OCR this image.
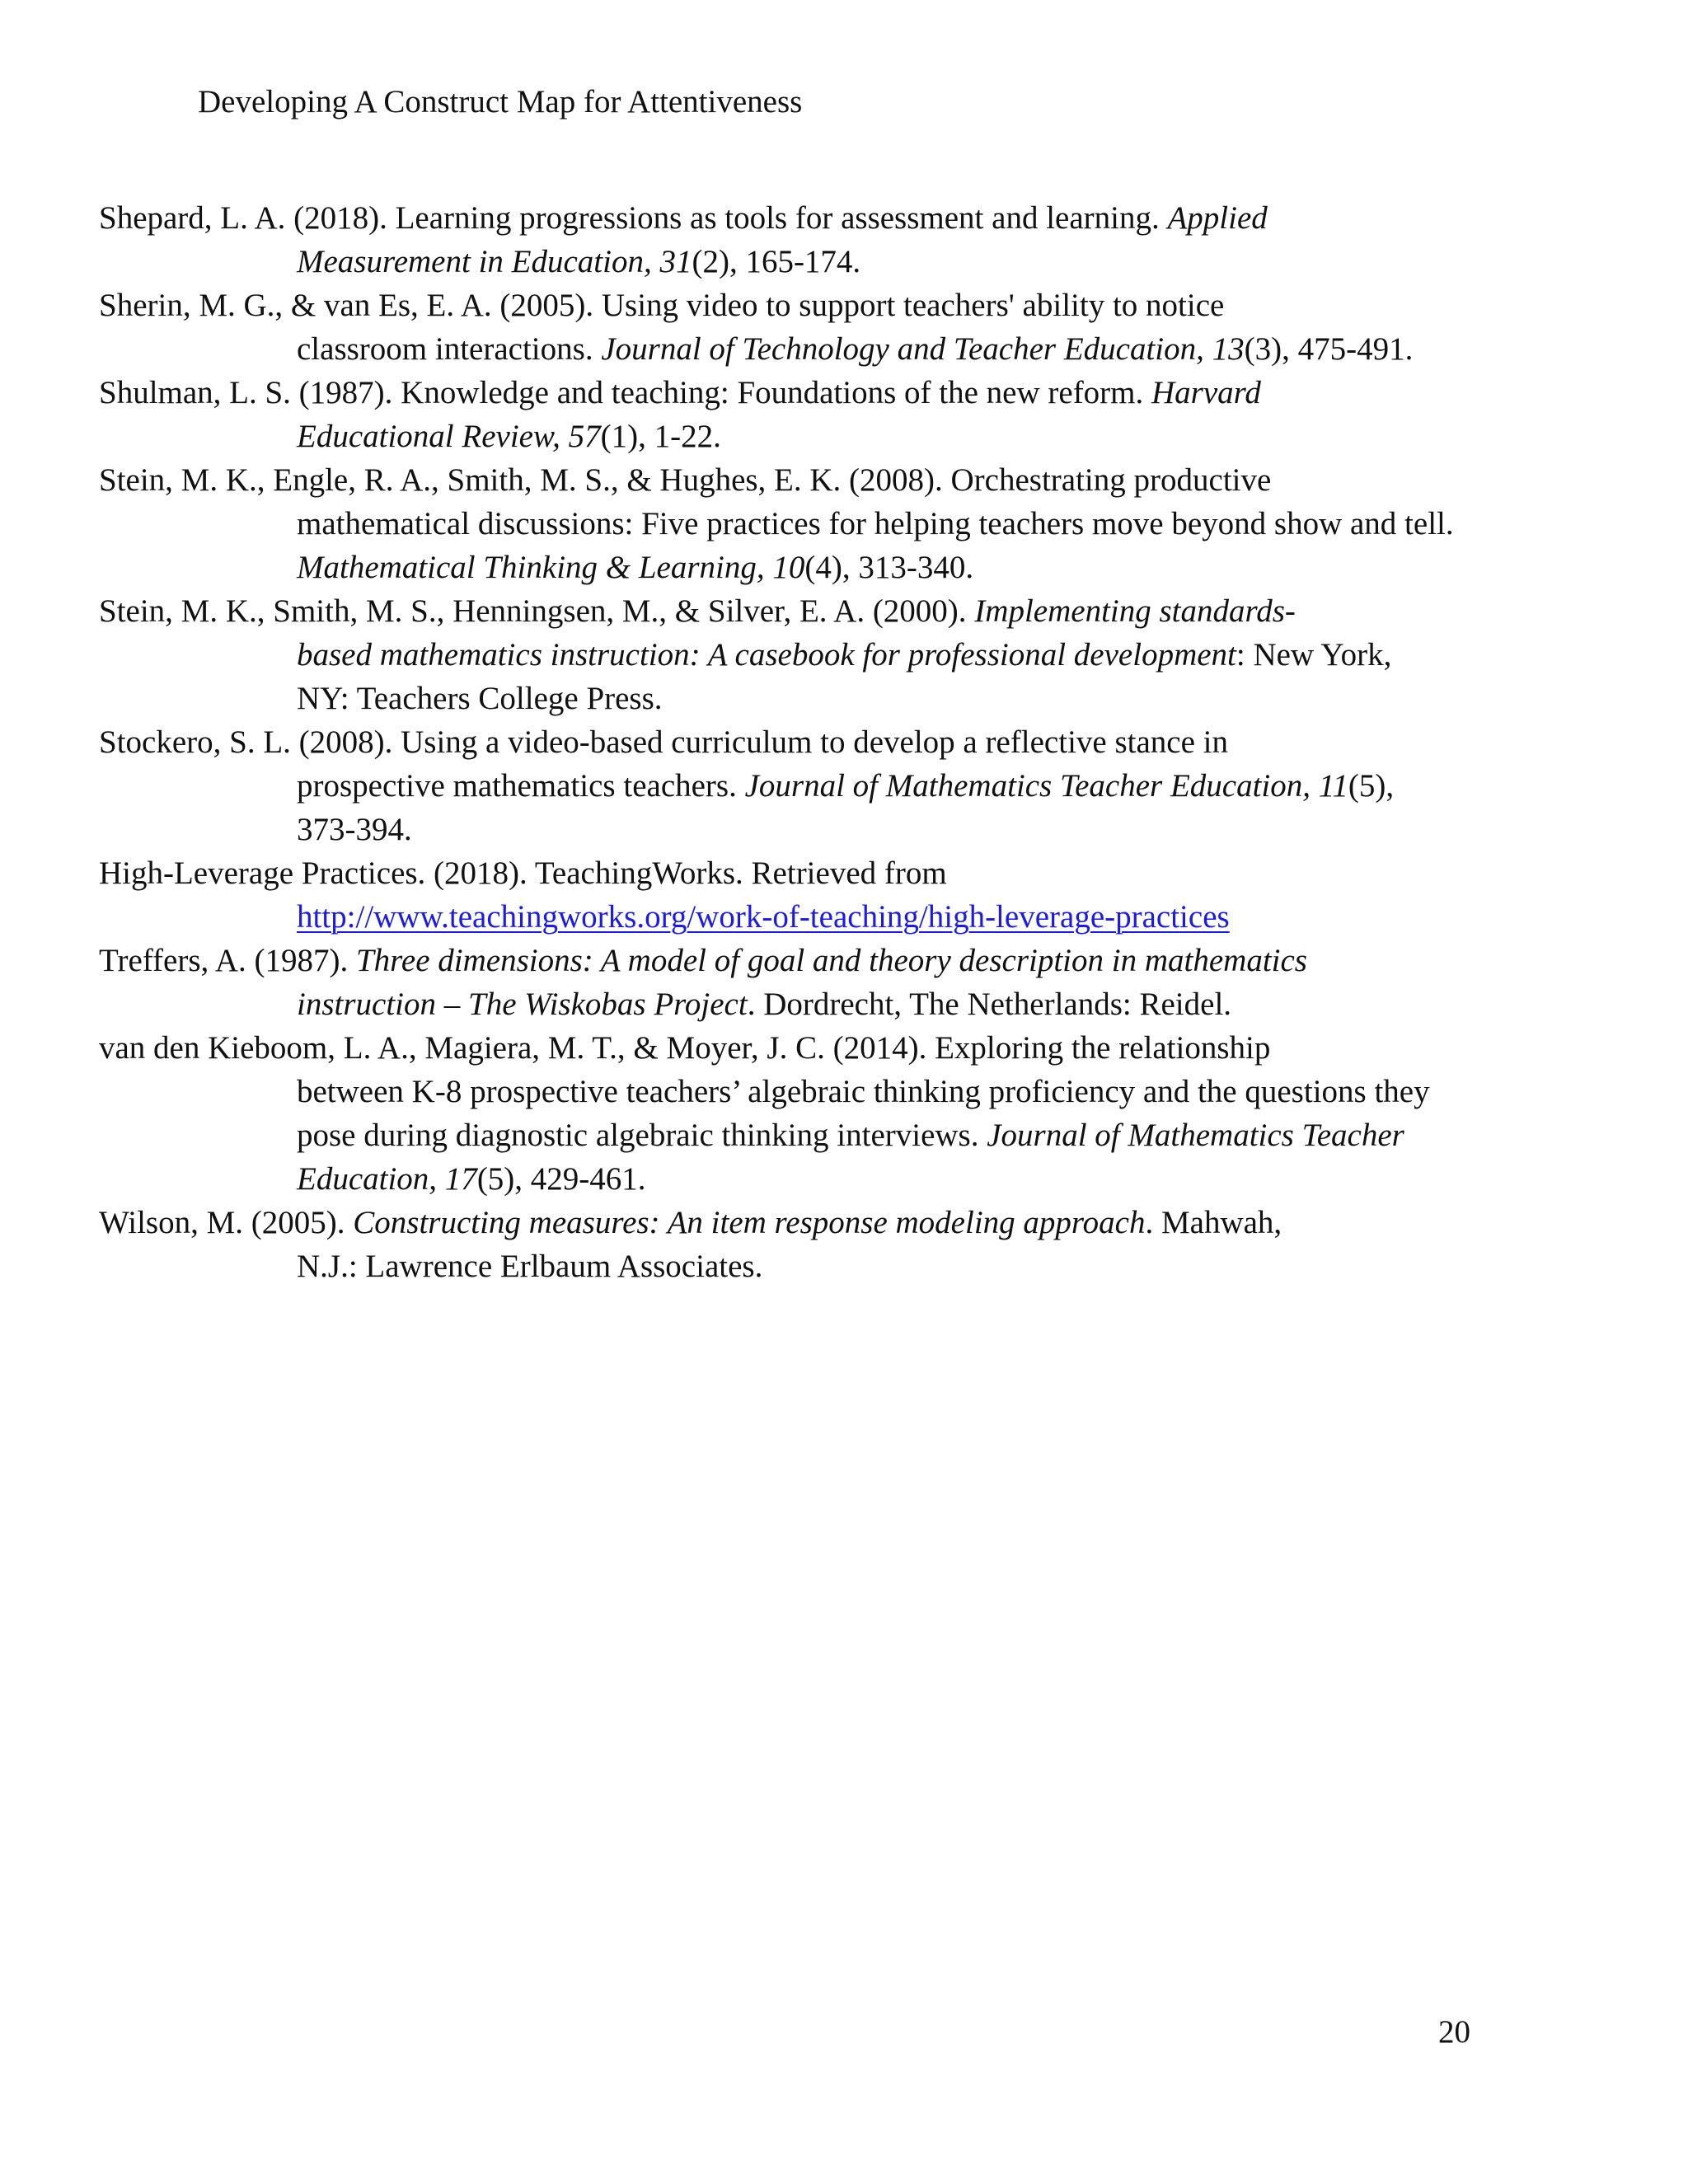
Developing A Construct Map for Attentiveness
Shepard, L. A. (2018). Learning progressions as tools for assessment and learning. Applied
Measurement in Education, 31(2), 165-174.
Sherin, M. G., & van Es, E. A. (2005). Using video to support teachers' ability to notice
classroom interactions. Journal of Technology and Teacher Education, 13(3), 475-491.
Shulman, L. S. (1987). Knowledge and teaching: Foundations of the new reform. Harvard
Educational Review, 57(1), 1-22.
Stein, M. K., Engle, R. A., Smith, M. S., & Hughes, E. K. (2008). Orchestrating productive
mathematical discussions: Five practices for helping teachers move beyond show and tell.
Mathematical Thinking & Learning, 10(4), 313-340.
Stein, M. K., Smith, M. S., Henningsen, M., & Silver, E. A. (2000). Implementing standards-
based mathematics instruction: A casebook for professional development: New York,
NY: Teachers College Press.
Stockero, S. L. (2008). Using a video-based curriculum to develop a reflective stance in
prospective mathematics teachers. Journal of Mathematics Teacher Education, 11(5),
373-394.
High-Leverage Practices. (2018). TeachingWorks. Retrieved from
http://www.teachingworks.org/work-of-teaching/high-leverage-practices
Treffers, A. (1987). Three dimensions: A model of goal and theory description in mathematics
instruction – The Wiskobas Project. Dordrecht, The Netherlands: Reidel.
van den Kieboom, L. A., Magiera, M. T., & Moyer, J. C. (2014). Exploring the relationship
between K-8 prospective teachers’ algebraic thinking proficiency and the questions they
pose during diagnostic algebraic thinking interviews. Journal of Mathematics Teacher
Education, 17(5), 429-461.
Wilson, M. (2005). Constructing measures: An item response modeling approach. Mahwah,
N.J.: Lawrence Erlbaum Associates.
20
